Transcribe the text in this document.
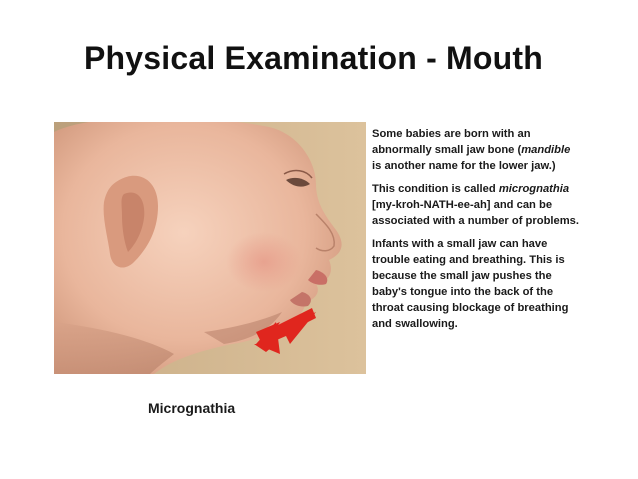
Physical Examination - Mouth

Some babies are born with an abnormally small jaw bone (mandible is another name for the lower jaw.)

This condition is called micrognathia [my-kroh-NATH-ee-ah] and can be associated with a number of problems.

Infants with a small jaw can have trouble eating and breathing. This is because the small jaw pushes the baby's tongue into the back of the throat causing blockage of breathing and swallowing.

Micrognathia
